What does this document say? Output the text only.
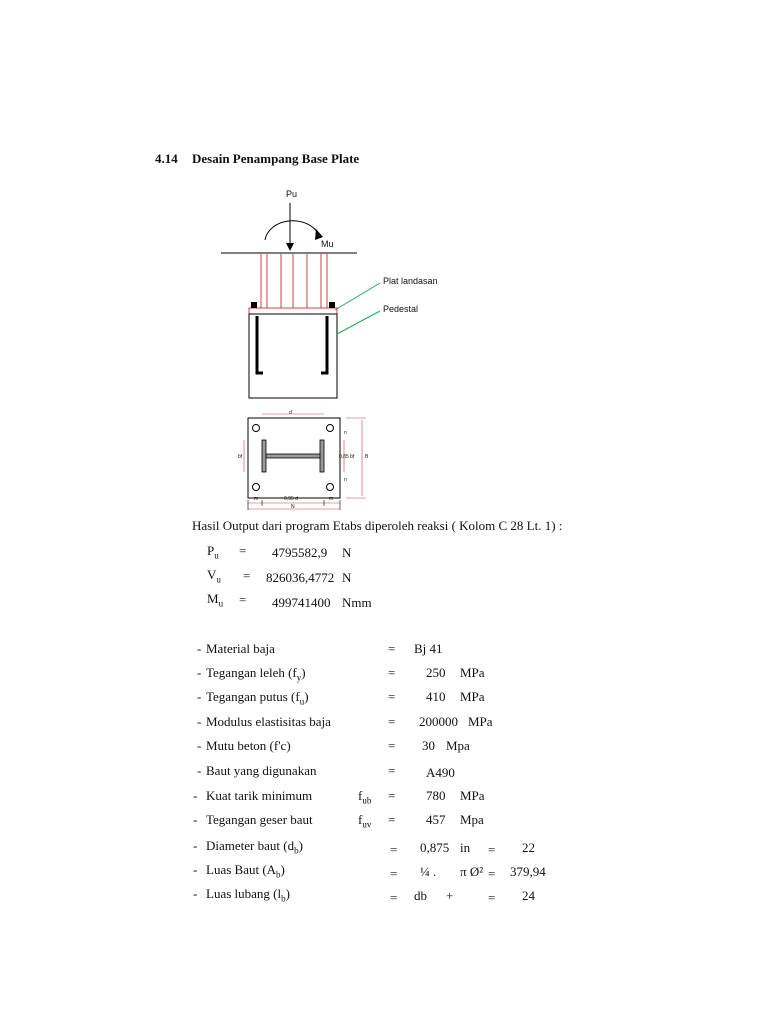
4.14 Desain Penampang Base Plate
Pu
Mu
Plat landasan
Pedestal
d
bf	B
n
n
0,85 bf
m	m
0,95 d
N
Hasil Output dari program Etabs diperoleh reaksi ( Kolom C 28 Lt. 1) :
$P_u = 4795582,9$ N
$V_u = 826036,4772$ N
$M_u = 499741400$ Nmm
- Material baja	= Bj 41
- Tegangan leleh $(f_y)$	= 250 MPa
- Tegangan putus $(f_u)$	= 410 MPa
- Modulus elastisitas baja	= 200000 MPa
- Mutu beton (f'c)	= 30 Mpa
- Baut yang digunakan	= A490
- Kuat tarik minimum	$f_{ub} = 780$ MPa
- Tegangan geser baut	$f_{uv} = 457$ Mpa
- Diameter baut $(d_b)$	= 0,875 in = 22
- Luas Baut $(A_b)$	= ¼ . π Ø² = 379,94
- Luas lubang $(l_b)$	= db +	= 24
